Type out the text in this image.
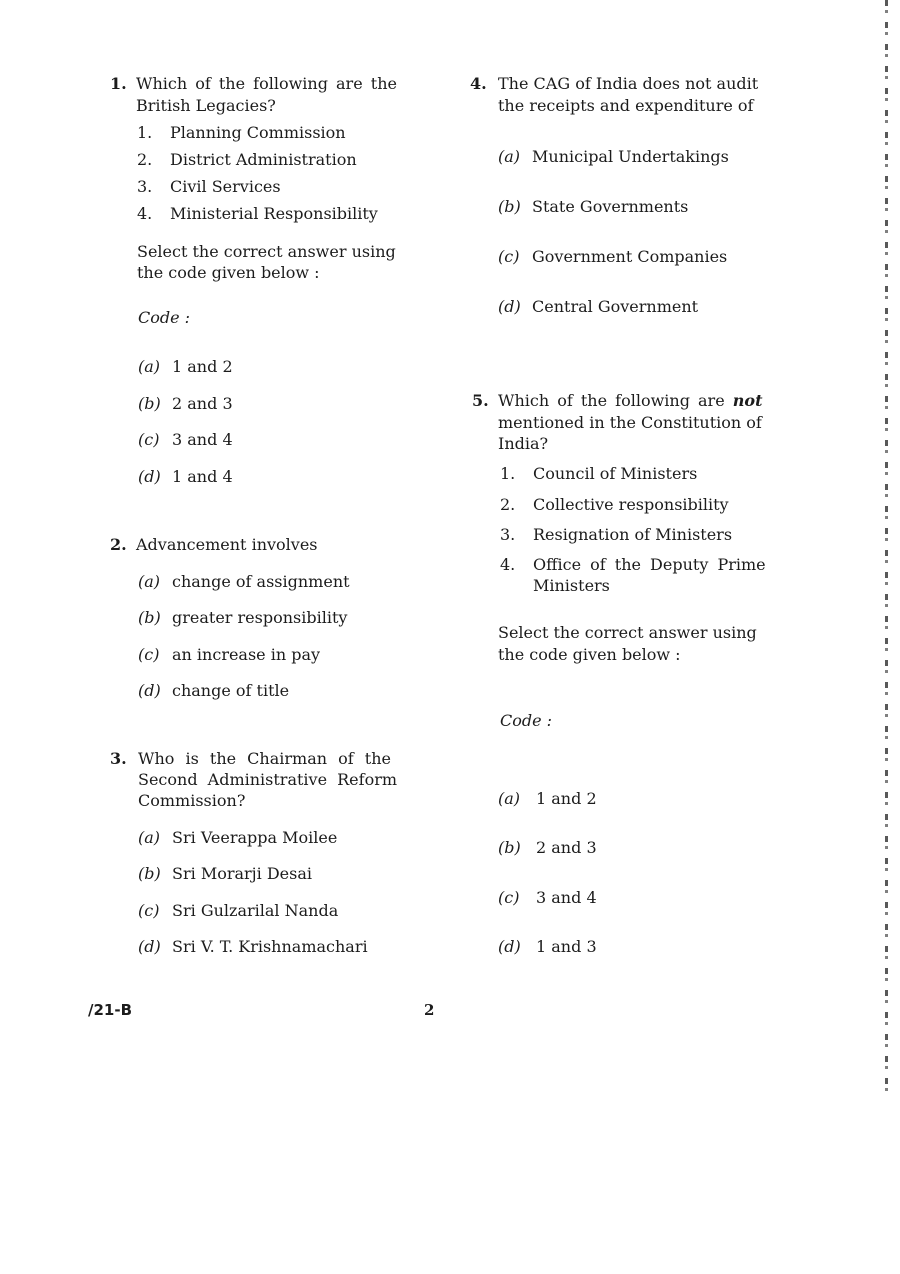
1. Which of the following are the
British Legacies?
1. Planning Commission
2. District Administration
3. Civil Services
4. Ministerial Responsibility
Select the correct answer using
the code given below :
Code :
(a) 1 and 2
(b) 2 and 3
(c) 3 and 4
(d) 1 and 4
2. Advancement involves
(a) change of assignment
(b) greater responsibility
(c) an increase in pay
(d) change of title
3. Who is the Chairman of the
Second Administrative Reform
Commission?
(a) Sri Veerappa Moilee
(b) Sri Morarji Desai
(c) Sri Gulzarilal Nanda
(d) Sri V. T. Krishnamachari
4. The CAG of India does not audit
the receipts and expenditure of
(a) Municipal Undertakings
(b) State Governments
(c) Government Companies
(d) Central Government
5. Which of the following are not
mentioned in the Constitution of
India?
1. Council of Ministers
2. Collective responsibility
3. Resignation of Ministers
4. Office of the Deputy Prime
Ministers
Select the correct answer using
the code given below :
Code :
(a) 1 and 2
(b) 2 and 3
(c) 3 and 4
(d) 1 and 3
/21-B	2
